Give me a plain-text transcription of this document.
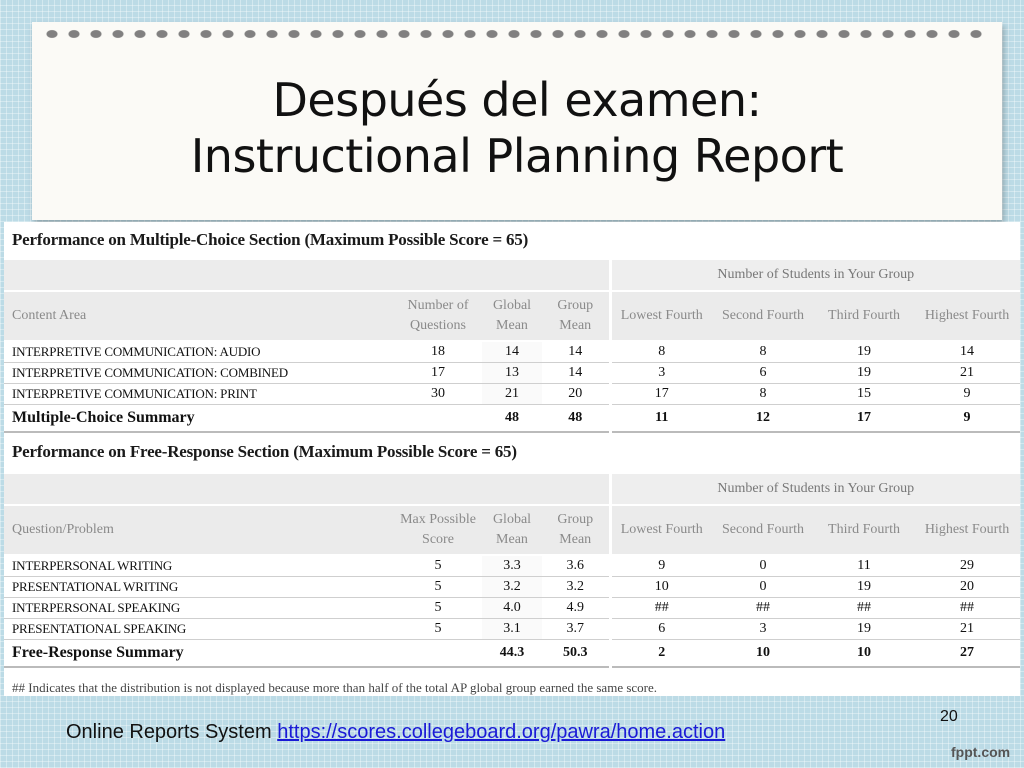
Después del examen:
Instructional Planning Report
Performance on Multiple-Choice Section (Maximum Possible Score = 65)
				Number of Students in Your Group			
Content Area	Number of Questions	Global Mean	Group Mean	Lowest Fourth	Second Fourth	Third Fourth	Highest Fourth
INTERPRETIVE COMMUNICATION: AUDIO	18	14	14	8	8	19	14
INTERPRETIVE COMMUNICATION: COMBINED	17	13	14	3	6	19	21
INTERPRETIVE COMMUNICATION: PRINT	30	21	20	17	8	15	9
Multiple-Choice Summary		48	48	11	12	17	9
Performance on Free-Response Section (Maximum Possible Score = 65)
				Number of Students in Your Group			
Question/Problem	Max Possible Score	Global Mean	Group Mean	Lowest Fourth	Second Fourth	Third Fourth	Highest Fourth
INTERPERSONAL WRITING	5	3.3	3.6	9	0	11	29
PRESENTATIONAL WRITING	5	3.2	3.2	10	0	19	20
INTERPERSONAL SPEAKING	5	4.0	4.9	##	##	##	##
PRESENTATIONAL SPEAKING	5	3.1	3.7	6	3	19	21
Free-Response Summary		44.3	50.3	2	10	10	27
## Indicates that the distribution is not displayed because more than half of the total AP global group earned the same score.
Online Reports System https://scores.collegeboard.org/pawra/home.action
20
fppt.com
